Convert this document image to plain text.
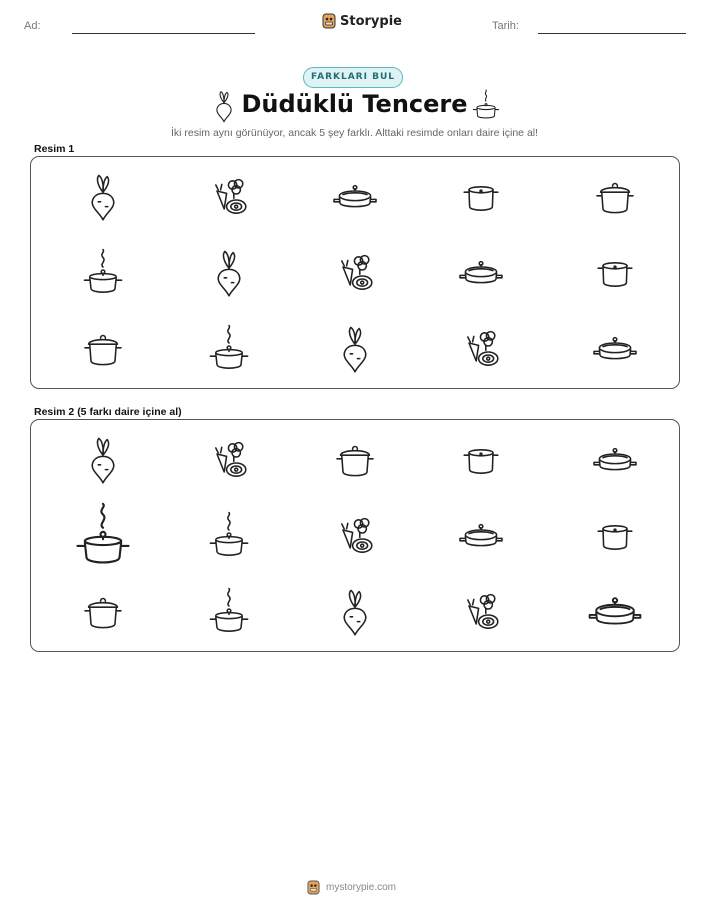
Ad:	Storypie	Tarih:
FARKLARI BUL
Düdüklü Tencere
İki resim aynı görünüyor, ancak 5 şey farklı. Alttaki resimde onları daire içine al!
Resim 1
Resim 2 (5 farkı daire içine al)
mystorypie.com
